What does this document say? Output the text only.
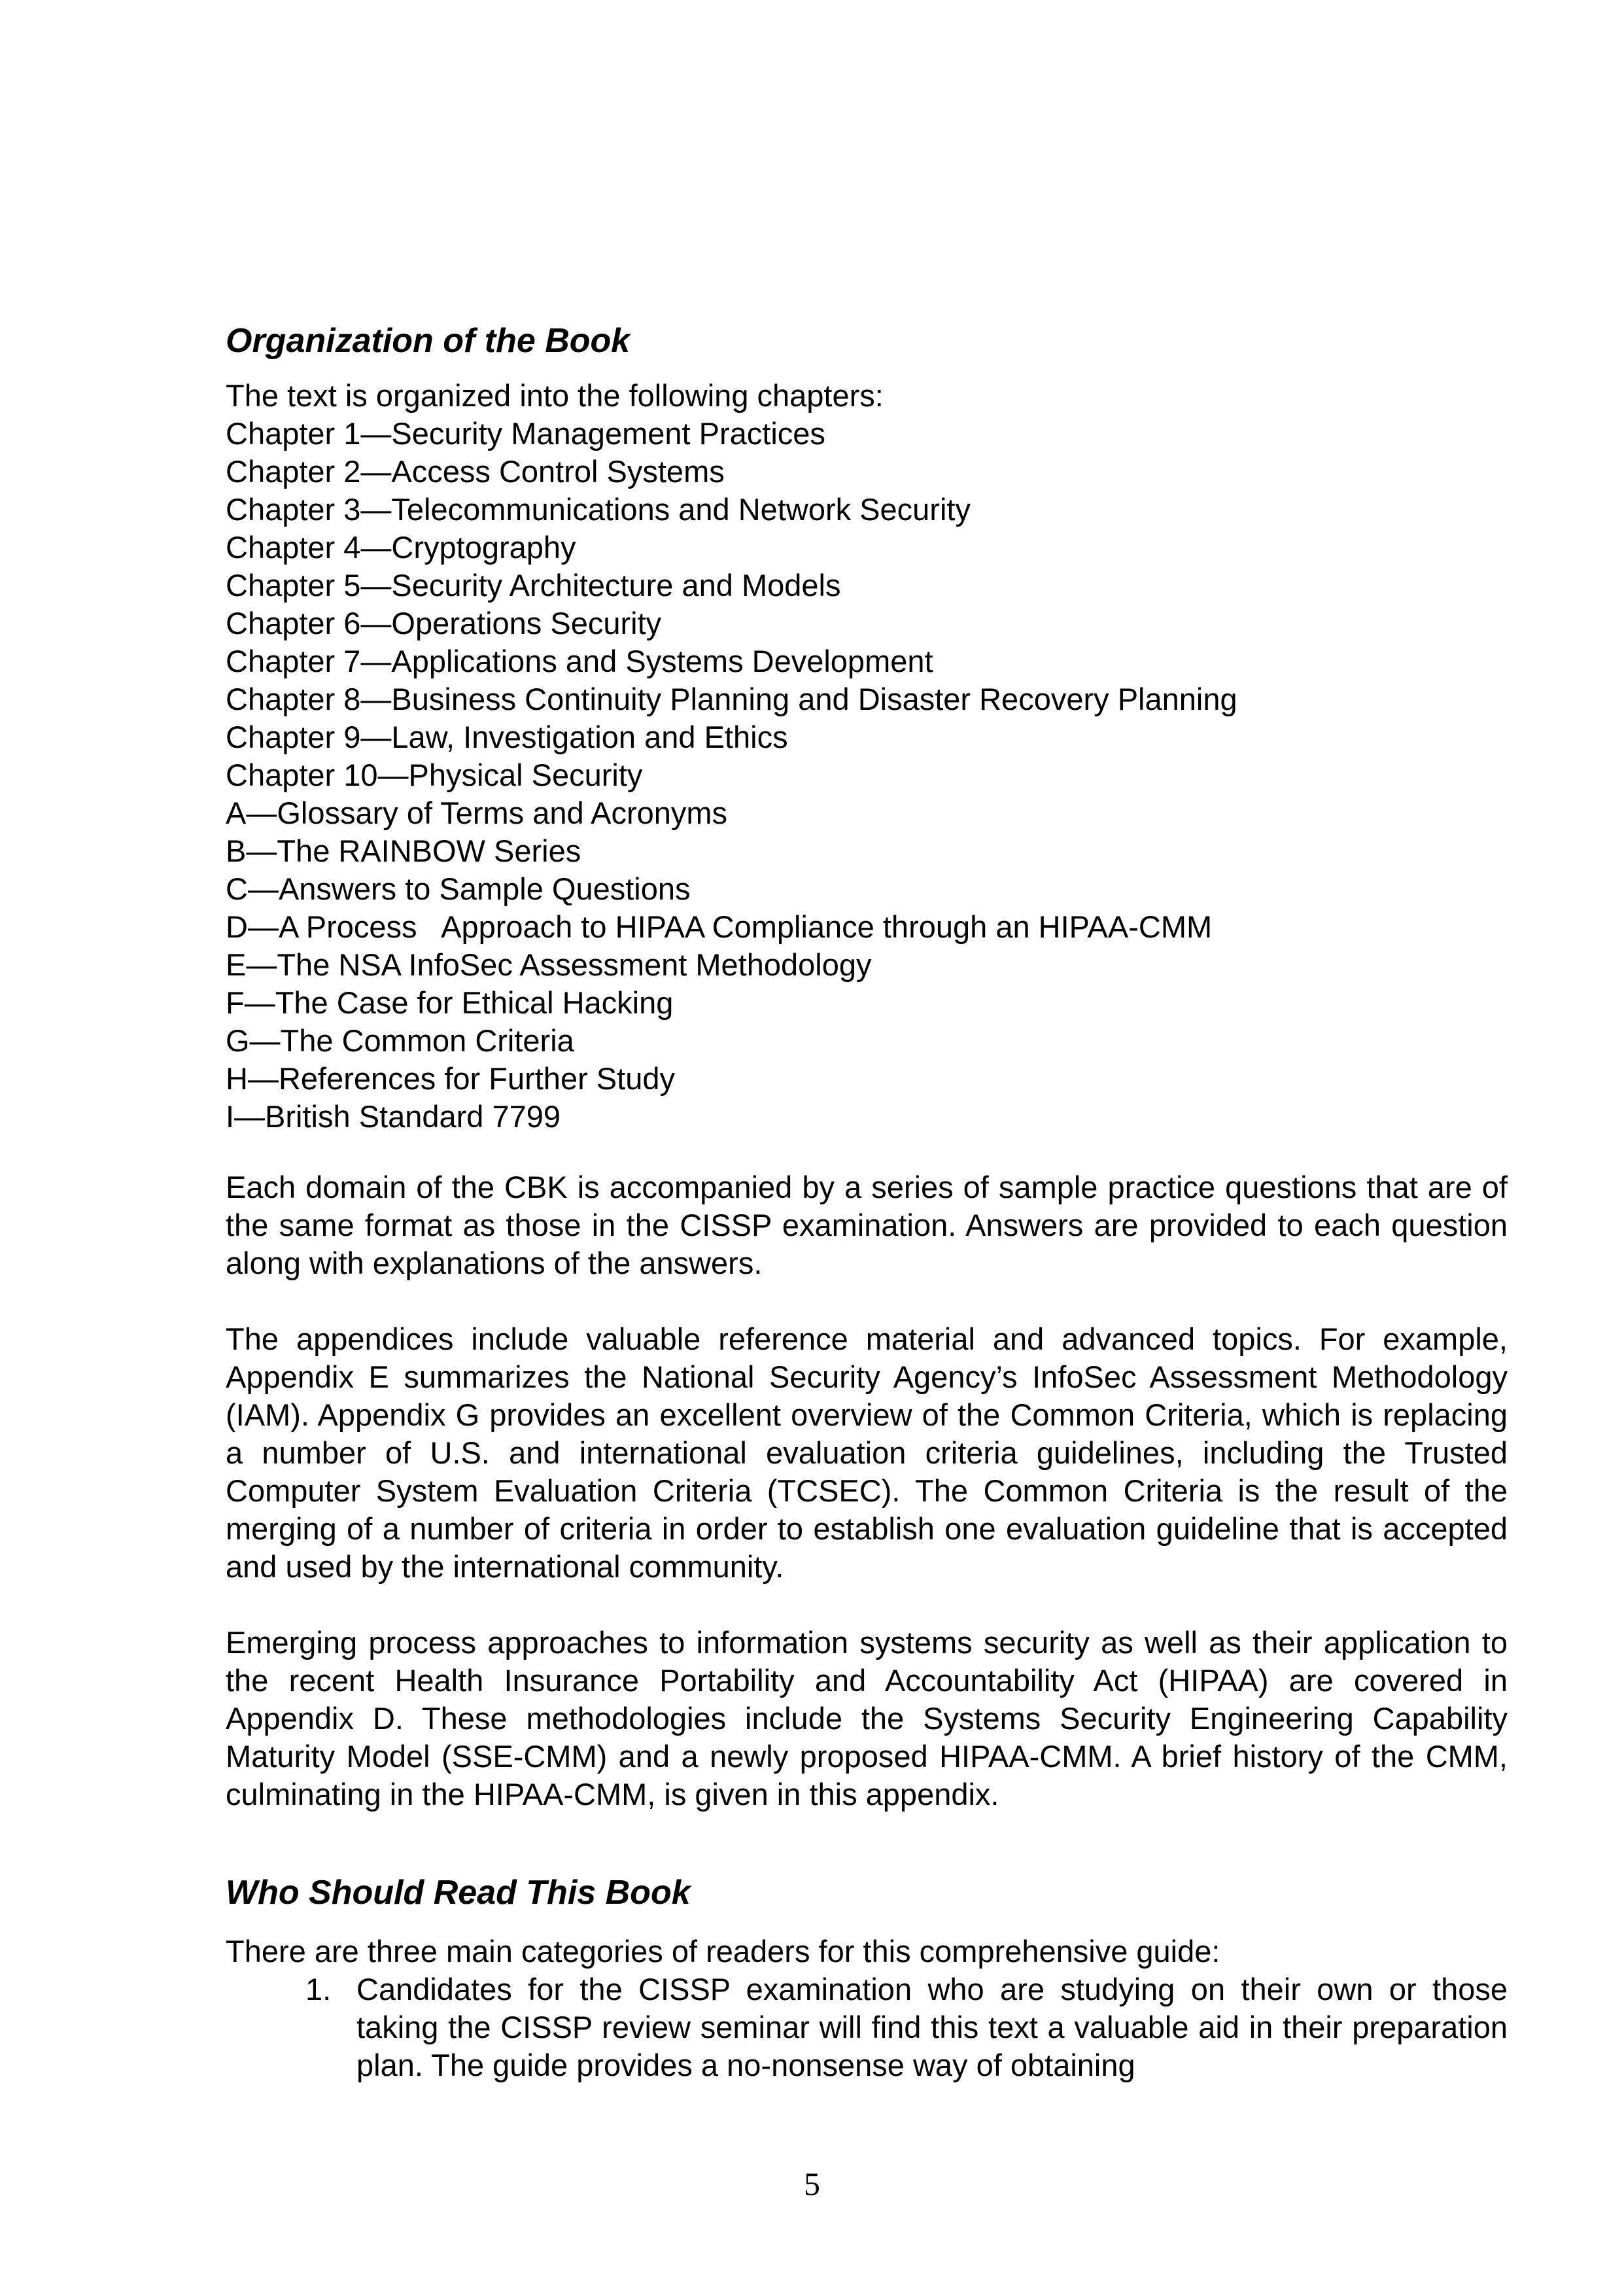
Organization of the Book

The text is organized into the following chapters:

Chapter 1—Security Management Practices
Chapter 2—Access Control Systems
Chapter 3—Telecommunications and Network Security
Chapter 4—Cryptography
Chapter 5—Security Architecture and Models
Chapter 6—Operations Security
Chapter 7—Applications and Systems Development
Chapter 8—Business Continuity Planning and Disaster Recovery Planning
Chapter 9—Law, Investigation and Ethics
Chapter 10—Physical Security
A—Glossary of Terms and Acronyms
B—The RAINBOW Series
C—Answers to Sample Questions
D—A Process   Approach to HIPAA Compliance through an HIPAA-CMM
E—The NSA InfoSec Assessment Methodology
F—The Case for Ethical Hacking
G—The Common Criteria
H—References for Further Study
I—British Standard 7799

Each domain of the CBK is accompanied by a series of sample practice questions that are of the same format as those in the CISSP examination. Answers are provided to each question along with explanations of the answers.

The appendices include valuable reference material and advanced topics. For example, Appendix E summarizes the National Security Agency’s InfoSec Assessment Methodology (IAM). Appendix G provides an excellent overview of the Common Criteria, which is replacing a number of U.S. and international evaluation criteria guidelines, including the Trusted Computer System Evaluation Criteria (TCSEC). The Common Criteria is the result of the merging of a number of criteria in order to establish one evaluation guideline that is accepted and used by the international community.

Emerging process approaches to information systems security as well as their application to the recent Health Insurance Portability and Accountability Act (HIPAA) are covered in Appendix D. These methodologies include the Systems Security Engineering Capability Maturity Model (SSE-CMM) and a newly proposed HIPAA-CMM. A brief history of the CMM, culminating in the HIPAA-CMM, is given in this appendix.

Who Should Read This Book

There are three main categories of readers for this comprehensive guide:

1. Candidates for the CISSP examination who are studying on their own or those taking the CISSP review seminar will find this text a valuable aid in their preparation plan. The guide provides a no-nonsense way of obtaining
5
